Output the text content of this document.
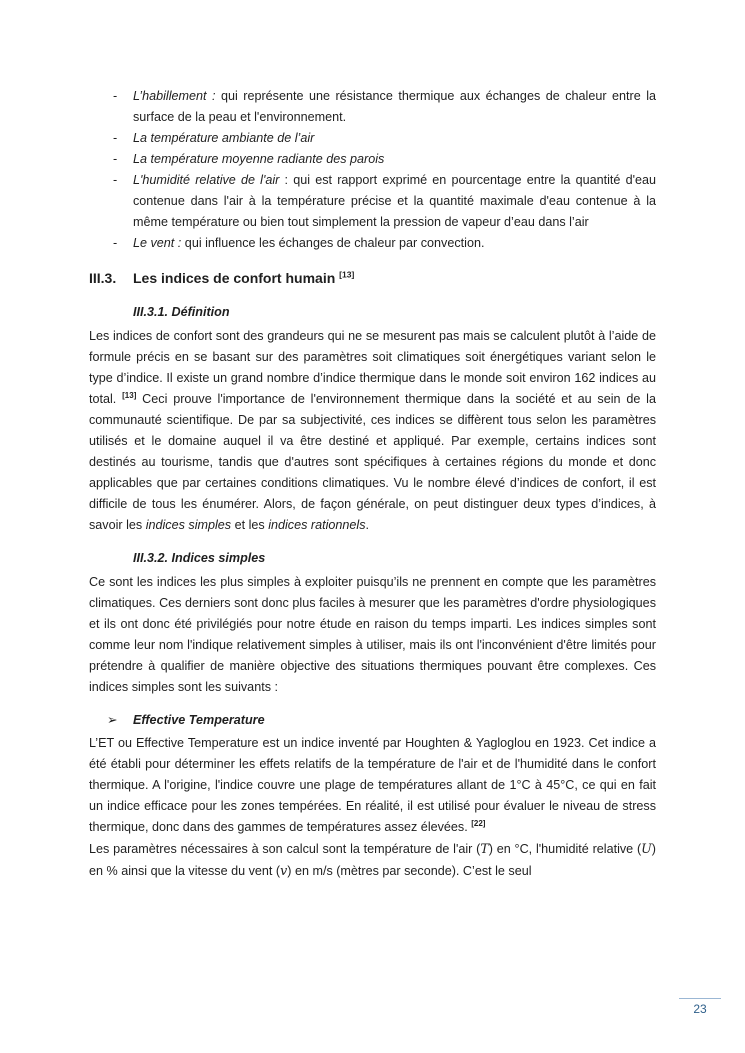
- L’habillement : qui représente une résistance thermique aux échanges de chaleur entre la surface de la peau et l'environnement.
- La température ambiante de l’air
- La température moyenne radiante des parois
- L'humidité relative de l'air : qui est rapport exprimé en pourcentage entre la quantité d'eau contenue dans l'air à la température précise et la quantité maximale d'eau contenue à la même température ou bien tout simplement la pression de vapeur d’eau dans l’air
- Le vent : qui influence les échanges de chaleur par convection.
III.3. Les indices de confort humain [13]
III.3.1. Définition

Les indices de confort sont des grandeurs qui ne se mesurent pas mais se calculent plutôt à l’aide de formule précis en se basant sur des paramètres soit climatiques soit énergétiques variant selon le type d’indice. Il existe un grand nombre d’indice thermique dans le monde soit environ 162 indices au total. [13] Ceci prouve l'importance de l'environnement thermique dans la société et au sein de la communauté scientifique. De par sa subjectivité, ces indices se diffèrent tous selon les paramètres utilisés et le domaine auquel il va être destiné et appliqué. Par exemple, certains indices sont destinés au tourisme, tandis que d'autres sont spécifiques à certaines régions du monde et donc applicables que par certaines conditions climatiques. Vu le nombre élevé d’indices de confort, il est difficile de tous les énumérer. Alors, de façon générale, on peut distinguer deux types d’indices, à savoir les indices simples et les indices rationnels.

III.3.2. Indices simples

Ce sont les indices les plus simples à exploiter puisqu’ils ne prennent en compte que les paramètres climatiques. Ces derniers sont donc plus faciles à mesurer que les paramètres d'ordre physiologiques et ils ont donc été privilégiés pour notre étude en raison du temps imparti. Les indices simples sont comme leur nom l'indique relativement simples à utiliser, mais ils ont l'inconvénient d'être limités pour prétendre à qualifier de manière objective des situations thermiques pouvant être complexes. Ces indices simples sont les suivants :

➢ Effective Temperature

L’ET ou Effective Temperature est un indice inventé par Houghten & Yagloglou en 1923. Cet indice a été établi pour déterminer les effets relatifs de la température de l'air et de l'humidité dans le confort thermique. A l'origine, l'indice couvre une plage de températures allant de 1°C à 45°C, ce qui en fait un indice efficace pour les zones tempérées. En réalité, il est utilisé pour évaluer le niveau de stress thermique, donc dans des gammes de températures assez élevées. [22]

Les paramètres nécessaires à son calcul sont la température de l'air (T) en °C, l'humidité relative (U) en % ainsi que la vitesse du vent (v) en m/s (mètres par seconde). C’est le seul

23
